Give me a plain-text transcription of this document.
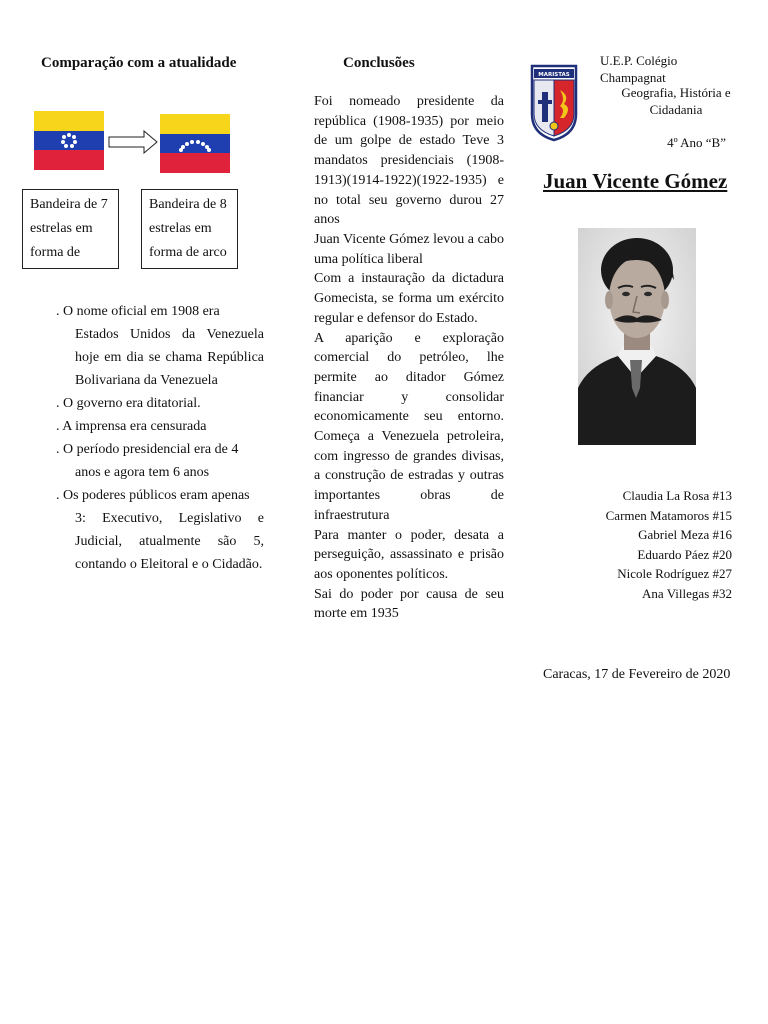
Comparação com a atualidade
Bandeira de 7 estrelas em forma de
Bandeira de 8 estrelas em forma de arco
. O nome oficial em 1908 era
Estados Unidos da Venezuela hoje em dia se chama República Bolivariana da Venezuela
. O governo era ditatorial.
. A imprensa era censurada
. O período presidencial era de 4
anos e agora tem 6 anos
. Os poderes públicos eram apenas
3: Executivo, Legislativo e Judicial, atualmente são 5, contando o Eleitoral e o Cidadão.
Conclusões
Foi nomeado presidente da república (1908-1935) por meio de um golpe de estado Teve 3 mandatos presidenciais (1908-1913)(1914-1922)(1922-1935) e no total seu governo durou 27 anos
Juan Vicente Gómez levou a cabo uma política liberal
Com a instauração da dictadura Gomecista, se forma um exército regular e defensor do Estado.
A aparição e exploração comercial do petróleo, lhe permite ao ditador Gómez financiar y consolidar economicamente seu entorno. Começa a Venezuela petroleira, com ingresso de grandes divisas, a construção de estradas y outras importantes obras de infraestrutura
Para manter o poder, desata a perseguição, assassinato e prisão aos oponentes políticos.
Sai do poder por causa de seu morte em 1935
MARISTAS
U.E.P. Colégio Champagnat
Geografia, História e Cidadania
4º Ano “B”
Juan Vicente Gómez
Claudia La Rosa #13
Carmen Matamoros #15
Gabriel Meza #16
Eduardo Páez #20
Nicole Rodríguez #27
Ana Villegas #32
Caracas, 17 de Fevereiro de 2020
